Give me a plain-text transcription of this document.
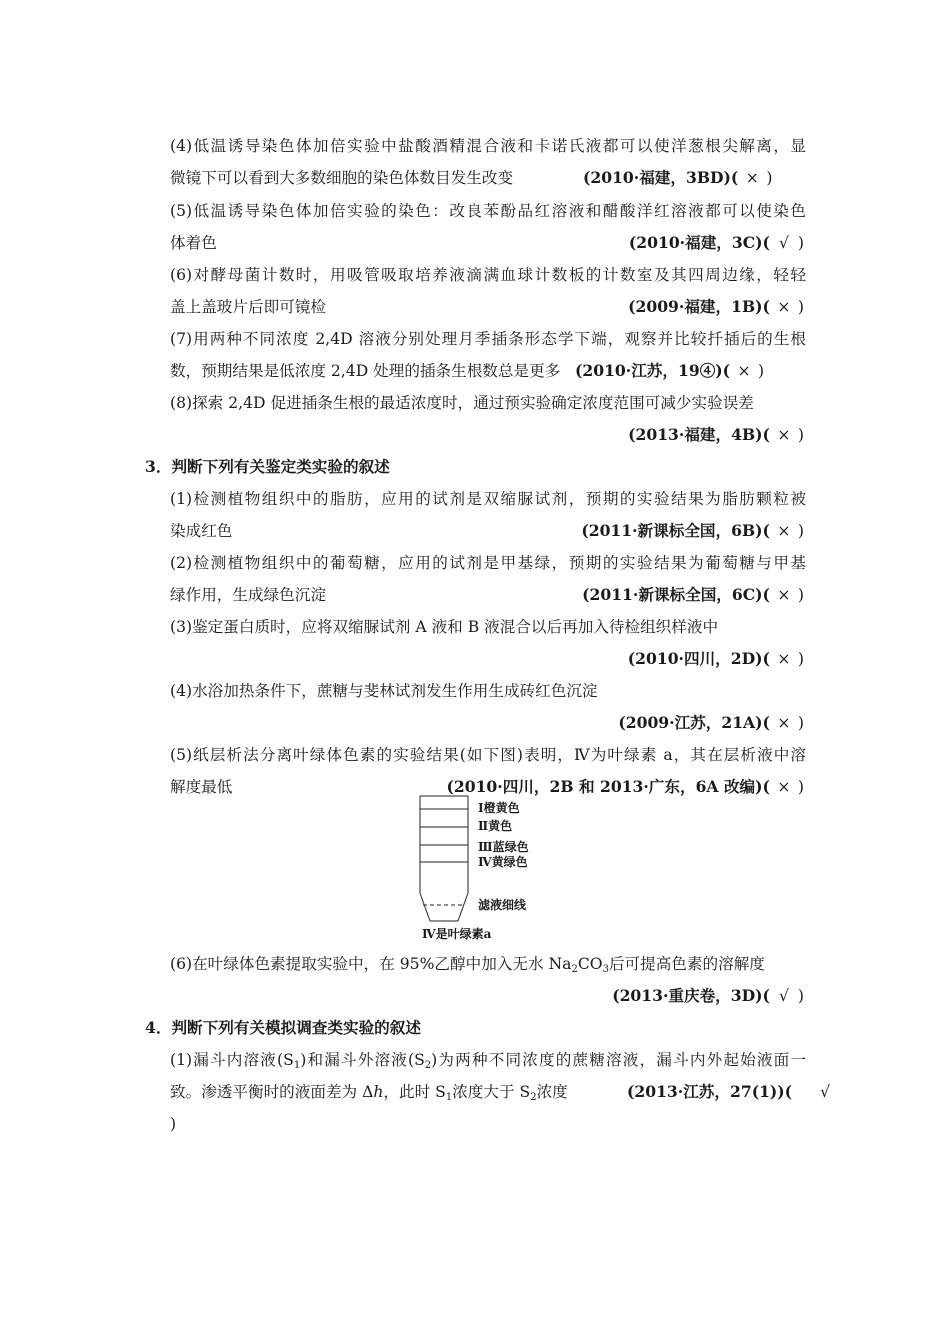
(4)低温诱导染色体加倍实验中盐酸酒精混合液和卡诺氏液都可以使洋葱根尖解离，显
微镜下可以看到大多数细胞的染色体数目发生改变	(2010·福建，3BD)( × )
(5)低温诱导染色体加倍实验的染色：改良苯酚品红溶液和醋酸洋红溶液都可以使染色
体着色	(2010·福建，3C)( √ )
(6)对酵母菌计数时，用吸管吸取培养液滴满血球计数板的计数室及其四周边缘，轻轻
盖上盖玻片后即可镜检	(2009·福建，1B)( × )
(7)用两种不同浓度 2,4D 溶液分别处理月季插条形态学下端，观察并比较扦插后的生根
数，预期结果是低浓度 2,4D 处理的插条生根数总是更多 (2010·江苏，19④)( × )
(8)探索 2,4D 促进插条生根的最适浓度时，通过预实验确定浓度范围可减少实验误差
(2013·福建，4B)( × )
3．判断下列有关鉴定类实验的叙述
(1)检测植物组织中的脂肪，应用的试剂是双缩脲试剂，预期的实验结果为脂肪颗粒被
染成红色	(2011·新课标全国，6B)( × )
(2)检测植物组织中的葡萄糖，应用的试剂是甲基绿，预期的实验结果为葡萄糖与甲基
绿作用，生成绿色沉淀	(2011·新课标全国，6C)( × )
(3)鉴定蛋白质时，应将双缩脲试剂 A 液和 B 液混合以后再加入待检组织样液中
(2010·四川，2D)( × )
(4)水浴加热条件下，蔗糖与斐林试剂发生作用生成砖红色沉淀
(2009·江苏，21A)( × )
(5)纸层析法分离叶绿体色素的实验结果(如下图)表明，Ⅳ为叶绿素 a，其在层析液中溶
解度最低	(2010·四川，2B 和 2013·广东，6A 改编)( × )
Ⅰ橙黄色
Ⅱ黄色
Ⅲ蓝绿色
Ⅳ黄绿色
滤液细线
Ⅳ是叶绿素a
(6)在叶绿体色素提取实验中，在 95%乙醇中加入无水 $Na_2CO_3$后可提高色素的溶解度
(2013·重庆卷，3D)( √ )
4．判断下列有关模拟调查类实验的叙述
(1)漏斗内溶液$(S_1)$和漏斗外溶液$(S_2)$为两种不同浓度的蔗糖溶液，漏斗内外起始液面一
致。渗透平衡时的液面差为 Δh，此时 $S_1$浓度大于 $S_2$浓度	(2013·江苏，27(1))( √
)
